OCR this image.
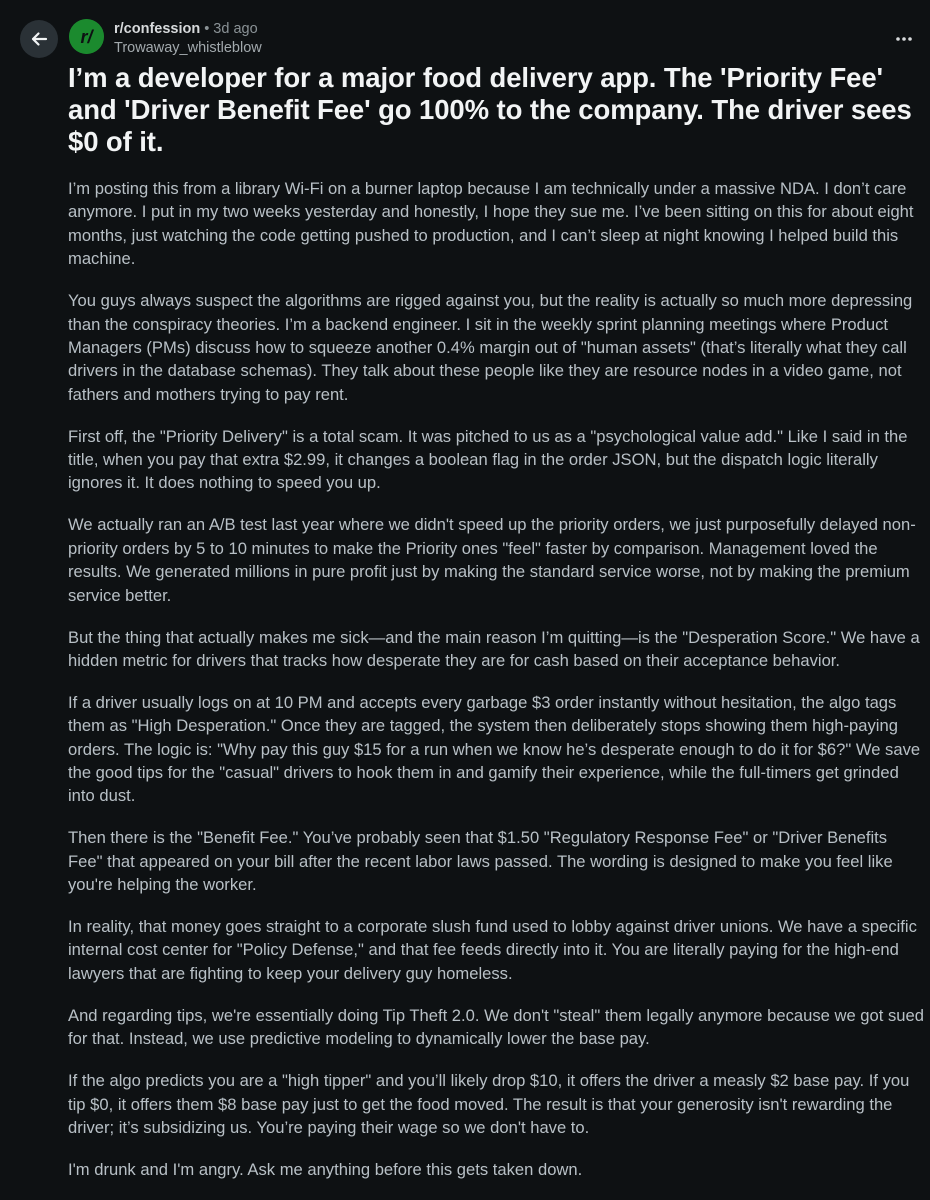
r/ r/confession • 3d ago
Trowaway_whistleblow
I’m a developer for a major food delivery app. The 'Priority Fee' and 'Driver Benefit Fee' go 100% to the company. The driver sees $0 of it.

I’m posting this from a library Wi-Fi on a burner laptop because I am technically under a massive NDA. I don’t care anymore. I put in my two weeks yesterday and honestly, I hope they sue me. I’ve been sitting on this for about eight months, just watching the code getting pushed to production, and I can’t sleep at night knowing I helped build this machine.

You guys always suspect the algorithms are rigged against you, but the reality is actually so much more depressing than the conspiracy theories. I’m a backend engineer. I sit in the weekly sprint planning meetings where Product Managers (PMs) discuss how to squeeze another 0.4% margin out of "human assets" (that’s literally what they call drivers in the database schemas). They talk about these people like they are resource nodes in a video game, not fathers and mothers trying to pay rent.

First off, the "Priority Delivery" is a total scam. It was pitched to us as a "psychological value add." Like I said in the title, when you pay that extra $2.99, it changes a boolean flag in the order JSON, but the dispatch logic literally ignores it. It does nothing to speed you up.

We actually ran an A/B test last year where we didn't speed up the priority orders, we just purposefully delayed non-priority orders by 5 to 10 minutes to make the Priority ones "feel" faster by comparison. Management loved the results. We generated millions in pure profit just by making the standard service worse, not by making the premium service better.

But the thing that actually makes me sick—and the main reason I’m quitting—is the "Desperation Score." We have a hidden metric for drivers that tracks how desperate they are for cash based on their acceptance behavior.

If a driver usually logs on at 10 PM and accepts every garbage $3 order instantly without hesitation, the algo tags them as "High Desperation." Once they are tagged, the system then deliberately stops showing them high-paying orders. The logic is: "Why pay this guy $15 for a run when we know he’s desperate enough to do it for $6?" We save the good tips for the "casual" drivers to hook them in and gamify their experience, while the full-timers get grinded into dust.

Then there is the "Benefit Fee." You’ve probably seen that $1.50 "Regulatory Response Fee" or "Driver Benefits Fee" that appeared on your bill after the recent labor laws passed. The wording is designed to make you feel like you're helping the worker.

In reality, that money goes straight to a corporate slush fund used to lobby against driver unions. We have a specific internal cost center for "Policy Defense," and that fee feeds directly into it. You are literally paying for the high-end lawyers that are fighting to keep your delivery guy homeless.

And regarding tips, we're essentially doing Tip Theft 2.0. We don't "steal" them legally anymore because we got sued for that. Instead, we use predictive modeling to dynamically lower the base pay.

If the algo predicts you are a "high tipper" and you’ll likely drop $10, it offers the driver a measly $2 base pay. If you tip $0, it offers them $8 base pay just to get the food moved. The result is that your generosity isn't rewarding the driver; it’s subsidizing us. You’re paying their wage so we don't have to.

I'm drunk and I'm angry. Ask me anything before this gets taken down.
